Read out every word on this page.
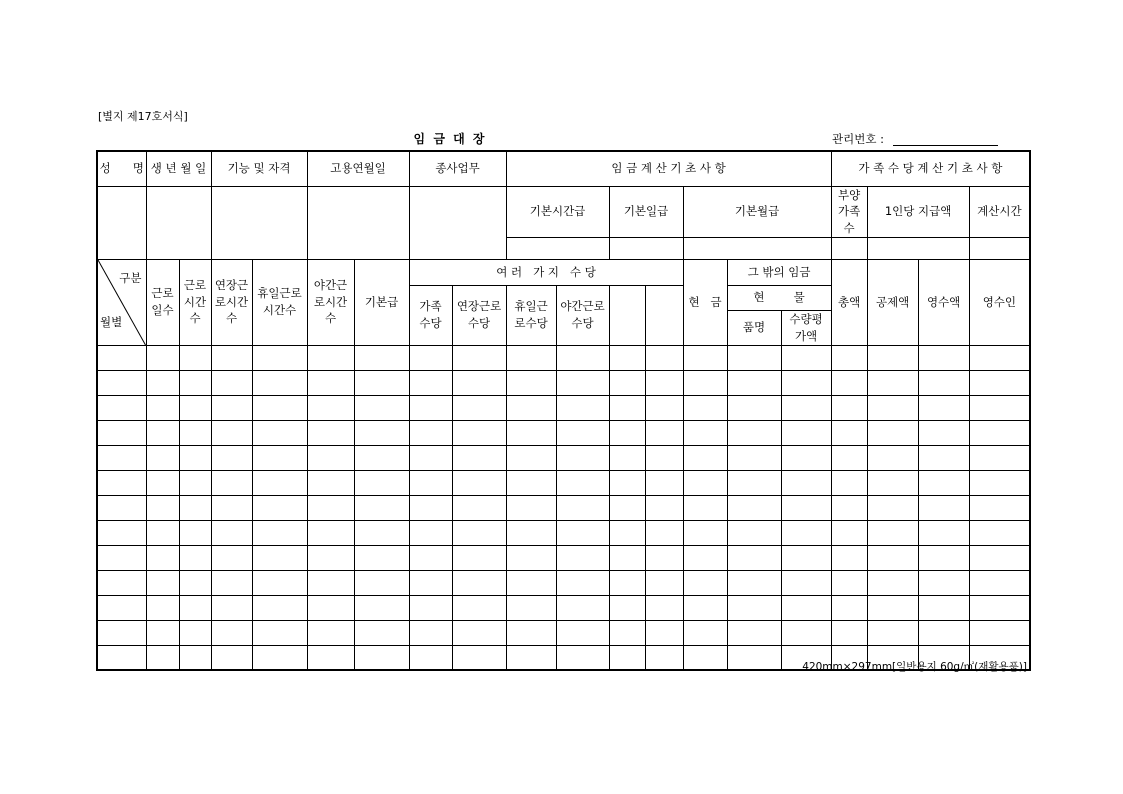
[별지 제17호서식]
임 금 대 장	관리번호 :
성      명	생 년 월 일		기능 및 자격		고용연월일		종사업무		임 금 계 산 기 초 사 항							가 족 수 당 계 산 기 초 사 항			
									기본시간급		기본일급		기본월급			부양가족수	1인당 지급액		계산시간

구분
월별	근로일수	근로시간수	연장근로시간수	휴일근로시간수	야간근로시간수	기본급	여 러   가 지   수 당						현   금	그 밖의 임금		총액	공제액	영수액	영수인
							가족수당	연장근로수당	휴일근로수당	야간근로수당				현        물					
														품명	수량평가액				

420mm×297mm[일반용지 60g/㎡(재활용품)]
